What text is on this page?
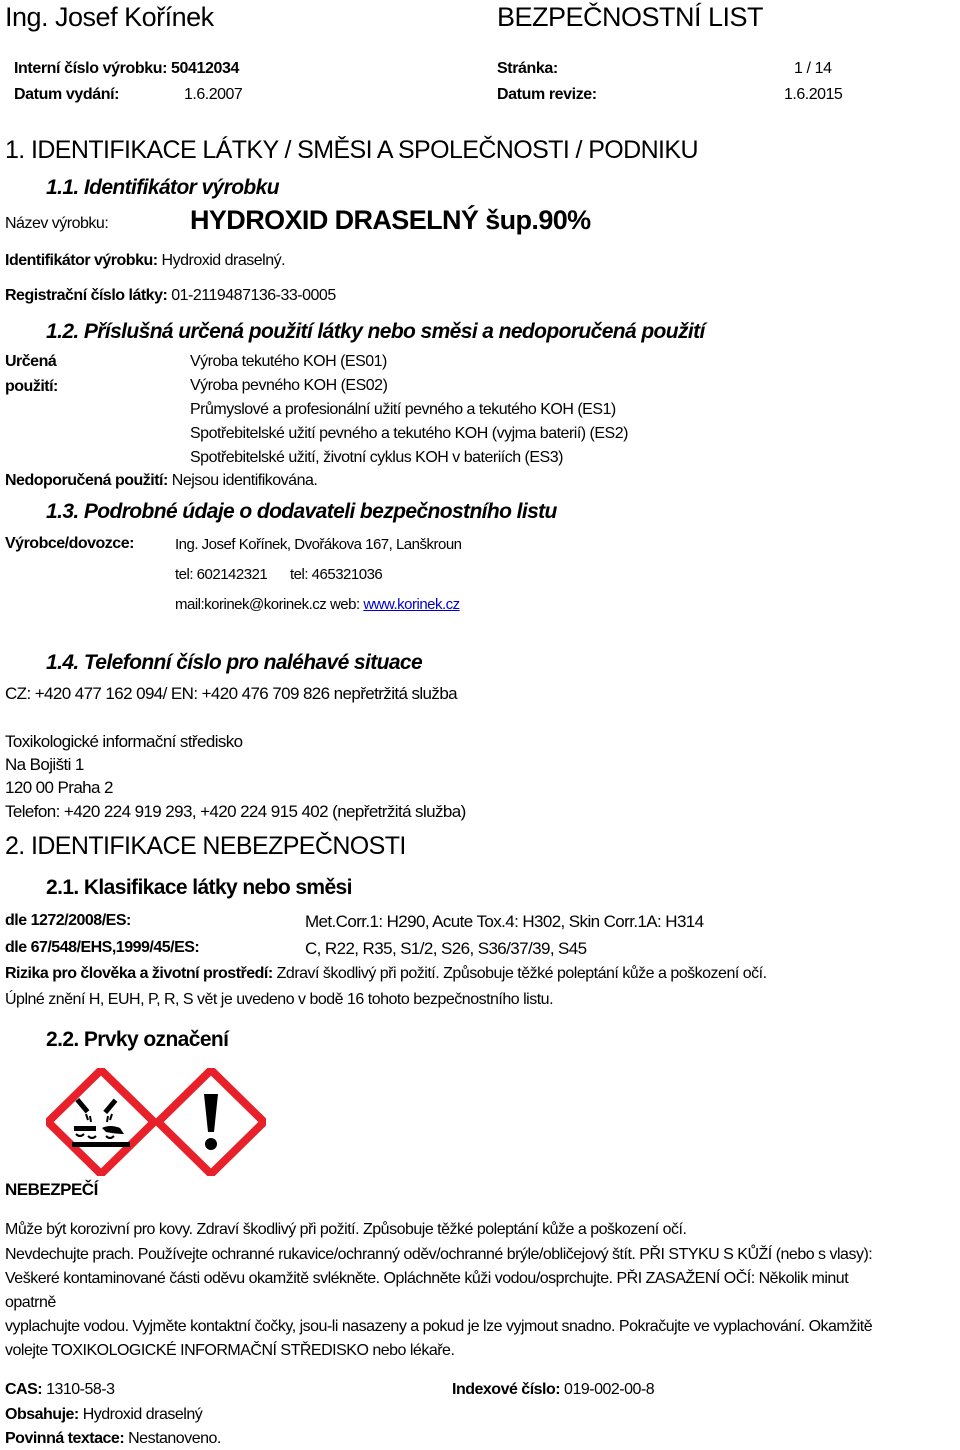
Ing. Josef Kořínek	BEZPEČNOSTNÍ LIST
Interní číslo výrobku: 50412034	Stránka:	1 / 14
Datum vydání:	1.6.2007	Datum revize:	1.6.2015
1. IDENTIFIKACE LÁTKY / SMĚSI A SPOLEČNOSTI / PODNIKU
1.1. Identifikátor výrobku
Název výrobku:	HYDROXID DRASELNÝ šup.90%
Identifikátor výrobku: Hydroxid draselný.
Registrační číslo látky: 01-2119487136-33-0005
1.2. Příslušná určená použití látky nebo směsi a nedoporučená použití
Určená
použití:
Výroba tekutého KOH (ES01)
Výroba pevného KOH (ES02)
Průmyslové a profesionální užití pevného a tekutého KOH (ES1)
Spotřebitelské užití pevného a tekutého KOH (vyjma baterií) (ES2)
Spotřebitelské užití, životní cyklus KOH v bateriích (ES3)
Nedoporučená použití: Nejsou identifikována.
1.3. Podrobné údaje o dodavateli bezpečnostního listu
Výrobce/dovozce:	Ing. Josef Kořínek, Dvořákova 167, Lanškroun
tel: 602142321 tel: 465321036
mail:korinek@korinek.cz web: www.korinek.cz
1.4. Telefonní číslo pro naléhavé situace
CZ: +420 477 162 094/ EN: +420 476 709 826 nepřetržitá služba
Toxikologické informační středisko
Na Bojišti 1
120 00 Praha 2
Telefon: +420 224 919 293, +420 224 915 402 (nepřetržitá služba)
2. IDENTIFIKACE NEBEZPEČNOSTI
2.1. Klasifikace látky nebo směsi
dle 1272/2008/ES:	Met.Corr.1: H290, Acute Tox.4: H302, Skin Corr.1A: H314
dle 67/548/EHS,1999/45/ES:	C, R22, R35, S1/2, S26, S36/37/39, S45
Rizika pro člověka a životní prostředí: Zdraví škodlivý při požití. Způsobuje těžké poleptání kůže a poškození očí.
Úplné znění H, EUH, P, R, S vět je uvedeno v bodě 16 tohoto bezpečnostního listu.
2.2. Prvky označení
NEBEZPEČÍ
Může být korozivní pro kovy. Zdraví škodlivý při požití. Způsobuje těžké poleptání kůže a poškození očí.
Nevdechujte prach. Používejte ochranné rukavice/ochranný oděv/ochranné brýle/obličejový štít. PŘI STYKU S KŮŽÍ (nebo s vlasy):
Veškeré kontaminované části oděvu okamžitě svlékněte. Opláchněte kůži vodou/osprchujte. PŘI ZASAŽENÍ OČÍ: Několik minut
opatrně
vyplachujte vodou. Vyjměte kontaktní čočky, jsou-li nasazeny a pokud je lze vyjmout snadno. Pokračujte ve vyplachování. Okamžitě
volejte TOXIKOLOGICKÉ INFORMAČNÍ STŘEDISKO nebo lékaře.
CAS: 1310-58-3	Indexové číslo: 019-002-00-8
Obsahuje: Hydroxid draselný
Povinná textace: Nestanoveno.
